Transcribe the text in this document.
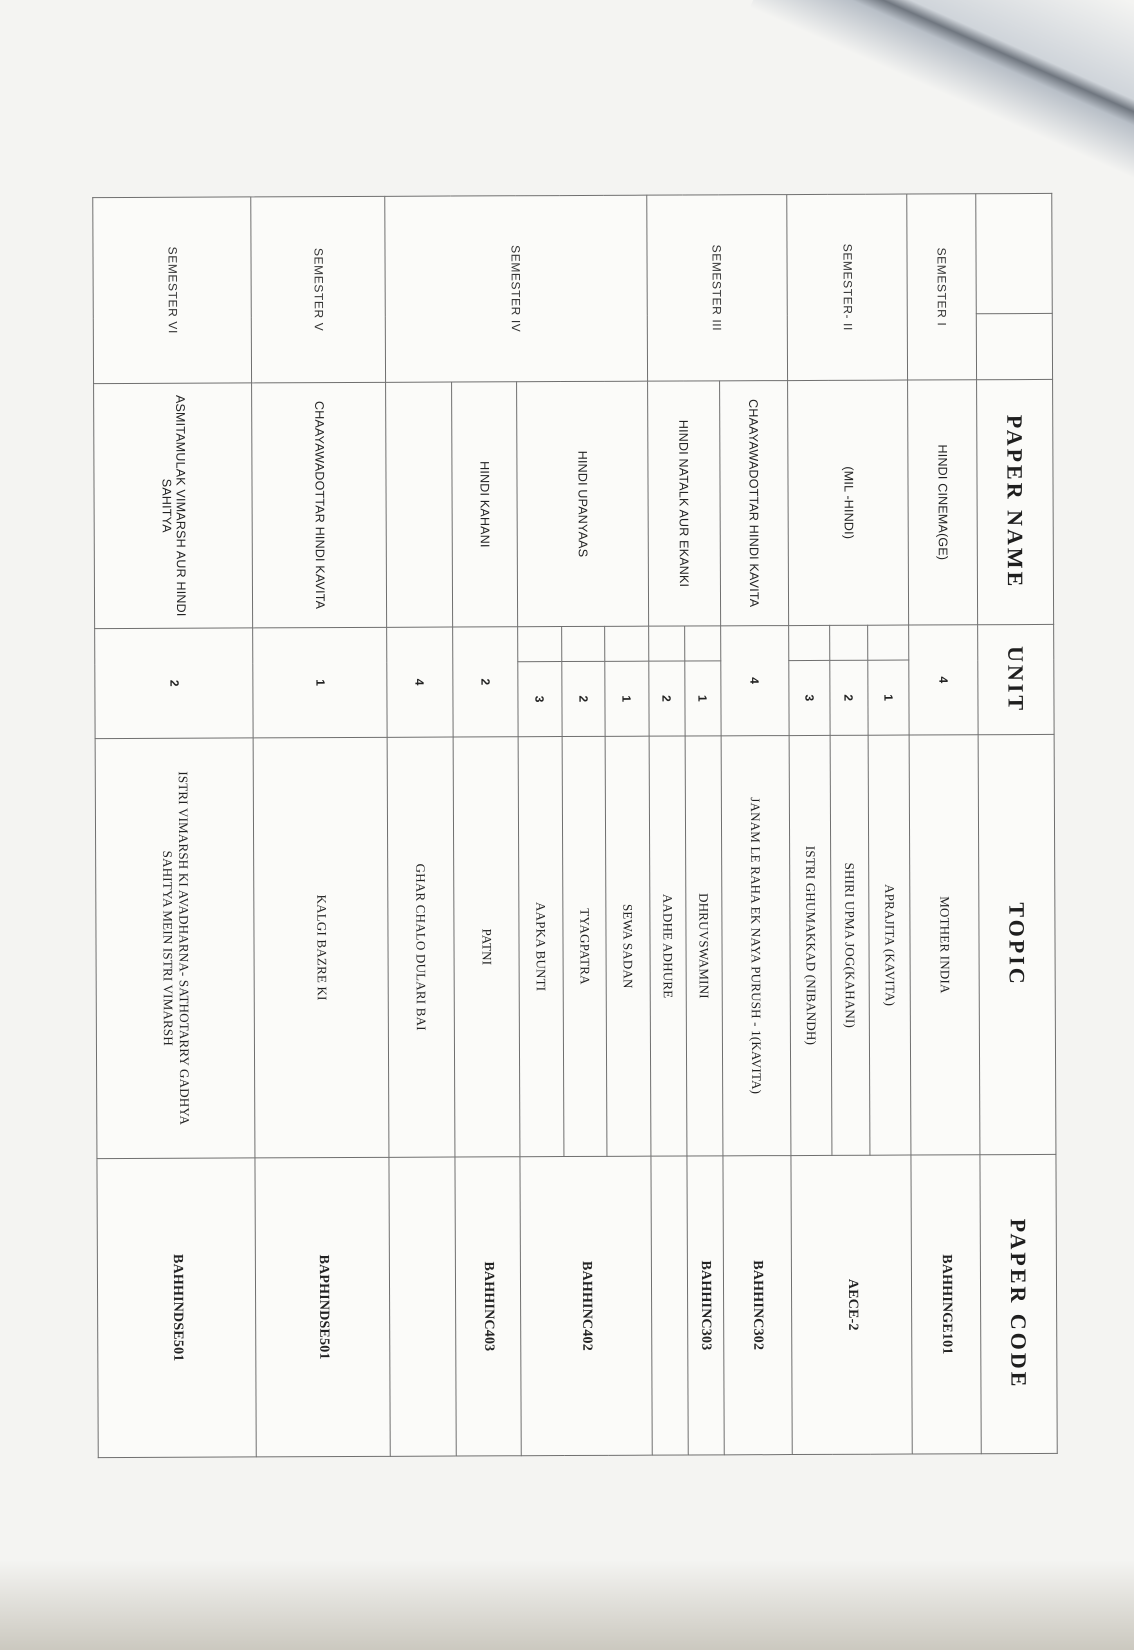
		PAPER NAME	UNIT		TOPIC	PAPER CODE
SEMESTER I		HINDI CINEMA(GE)	4		MOTHER INDIA	BAHHINGE101
SEMESTER- II		(MIL -HINDI)		1	APRAJITA (KAVITA)	AECE-2
				2	SHIRI UPMA JOG(KAHANI)	
				3	ISTRI GHUMAKKAD (NIBANDH)	
SEMESTER III		CHAAYAWADOTTAR HINDI KAVITA	4		JANAM LE RAHA EK NAYA PURUSH - 1(KAVITA)	BAHHINC302
		HINDI NATALK AUR EKANKI		1	DHRUVSWAMINI	BAHHINC303
				2	AADHE ADHURE	
SEMESTER IV		HINDI UPANYAAS		1	SEWA SADAN	BAHHINC402
				2	TYAGPATRA	
				3	AAPKA BUNTI	
		HINDI KAHANI	2		PATNI	BAHHINC403
			4		GHAR CHALO DULARI BAI	
SEMESTER V		CHAAYAWADOTTAR HINDI KAVITA	1		KALGI BAZRE KI	BAPHINDSE501
SEMESTER VI		ASMITAMULAK VIMARSH AUR HINDI SAHITYA	2		ISTRI VIMARSH KI AVADHARNA- SATHOTARRY GADHYA SAHITYA MEIN ISTRI VIMARSH	BAHHINDSE501
